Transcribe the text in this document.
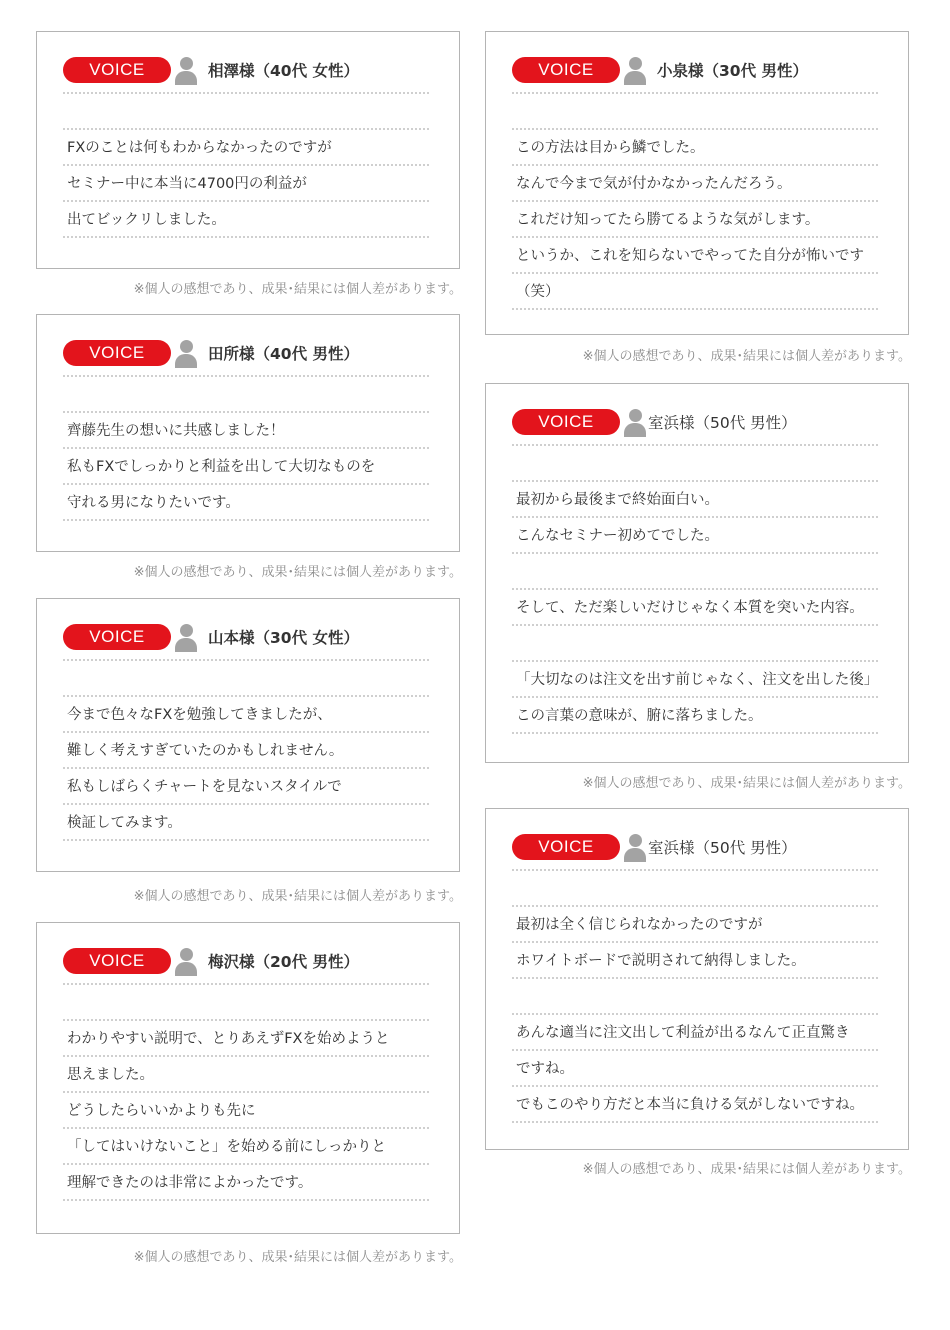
VOICE	相澤様（40代 女性）
FXのことは何もわからなかったのですが
セミナー中に本当に4700円の利益が
出てビックリしました。
※個人の感想であり、成果･結果には個人差があります。
VOICE	田所様（40代 男性）
齊藤先生の想いに共感しました！
私もFXでしっかりと利益を出して大切なものを
守れる男になりたいです。
※個人の感想であり、成果･結果には個人差があります。
VOICE	山本様（30代 女性）
今まで色々なFXを勉強してきましたが、
難しく考えすぎていたのかもしれません。
私もしばらくチャートを見ないスタイルで
検証してみます。
※個人の感想であり、成果･結果には個人差があります。
VOICE	梅沢様（20代 男性）
わかりやすい説明で、とりあえずFXを始めようと
思えました。
どうしたらいいかよりも先に
「してはいけないこと」を始める前にしっかりと
理解できたのは非常によかったです。
※個人の感想であり、成果･結果には個人差があります。
VOICE	小泉様（30代 男性）
この方法は目から鱗でした。
なんで今まで気が付かなかったんだろう。
これだけ知ってたら勝てるような気がします。
というか、これを知らないでやってた自分が怖いです
（笑）
※個人の感想であり、成果･結果には個人差があります。
VOICE	室浜様（50代 男性）
最初から最後まで終始面白い。
こんなセミナー初めてでした。
そして、ただ楽しいだけじゃなく本質を突いた内容。
「大切なのは注文を出す前じゃなく、注文を出した後」
この言葉の意味が、腑に落ちました。
※個人の感想であり、成果･結果には個人差があります。
VOICE	室浜様（50代 男性）
最初は全く信じられなかったのですが
ホワイトボードで説明されて納得しました。
あんな適当に注文出して利益が出るなんて正直驚き
ですね。
でもこのやり方だと本当に負ける気がしないですね。
※個人の感想であり、成果･結果には個人差があります。
